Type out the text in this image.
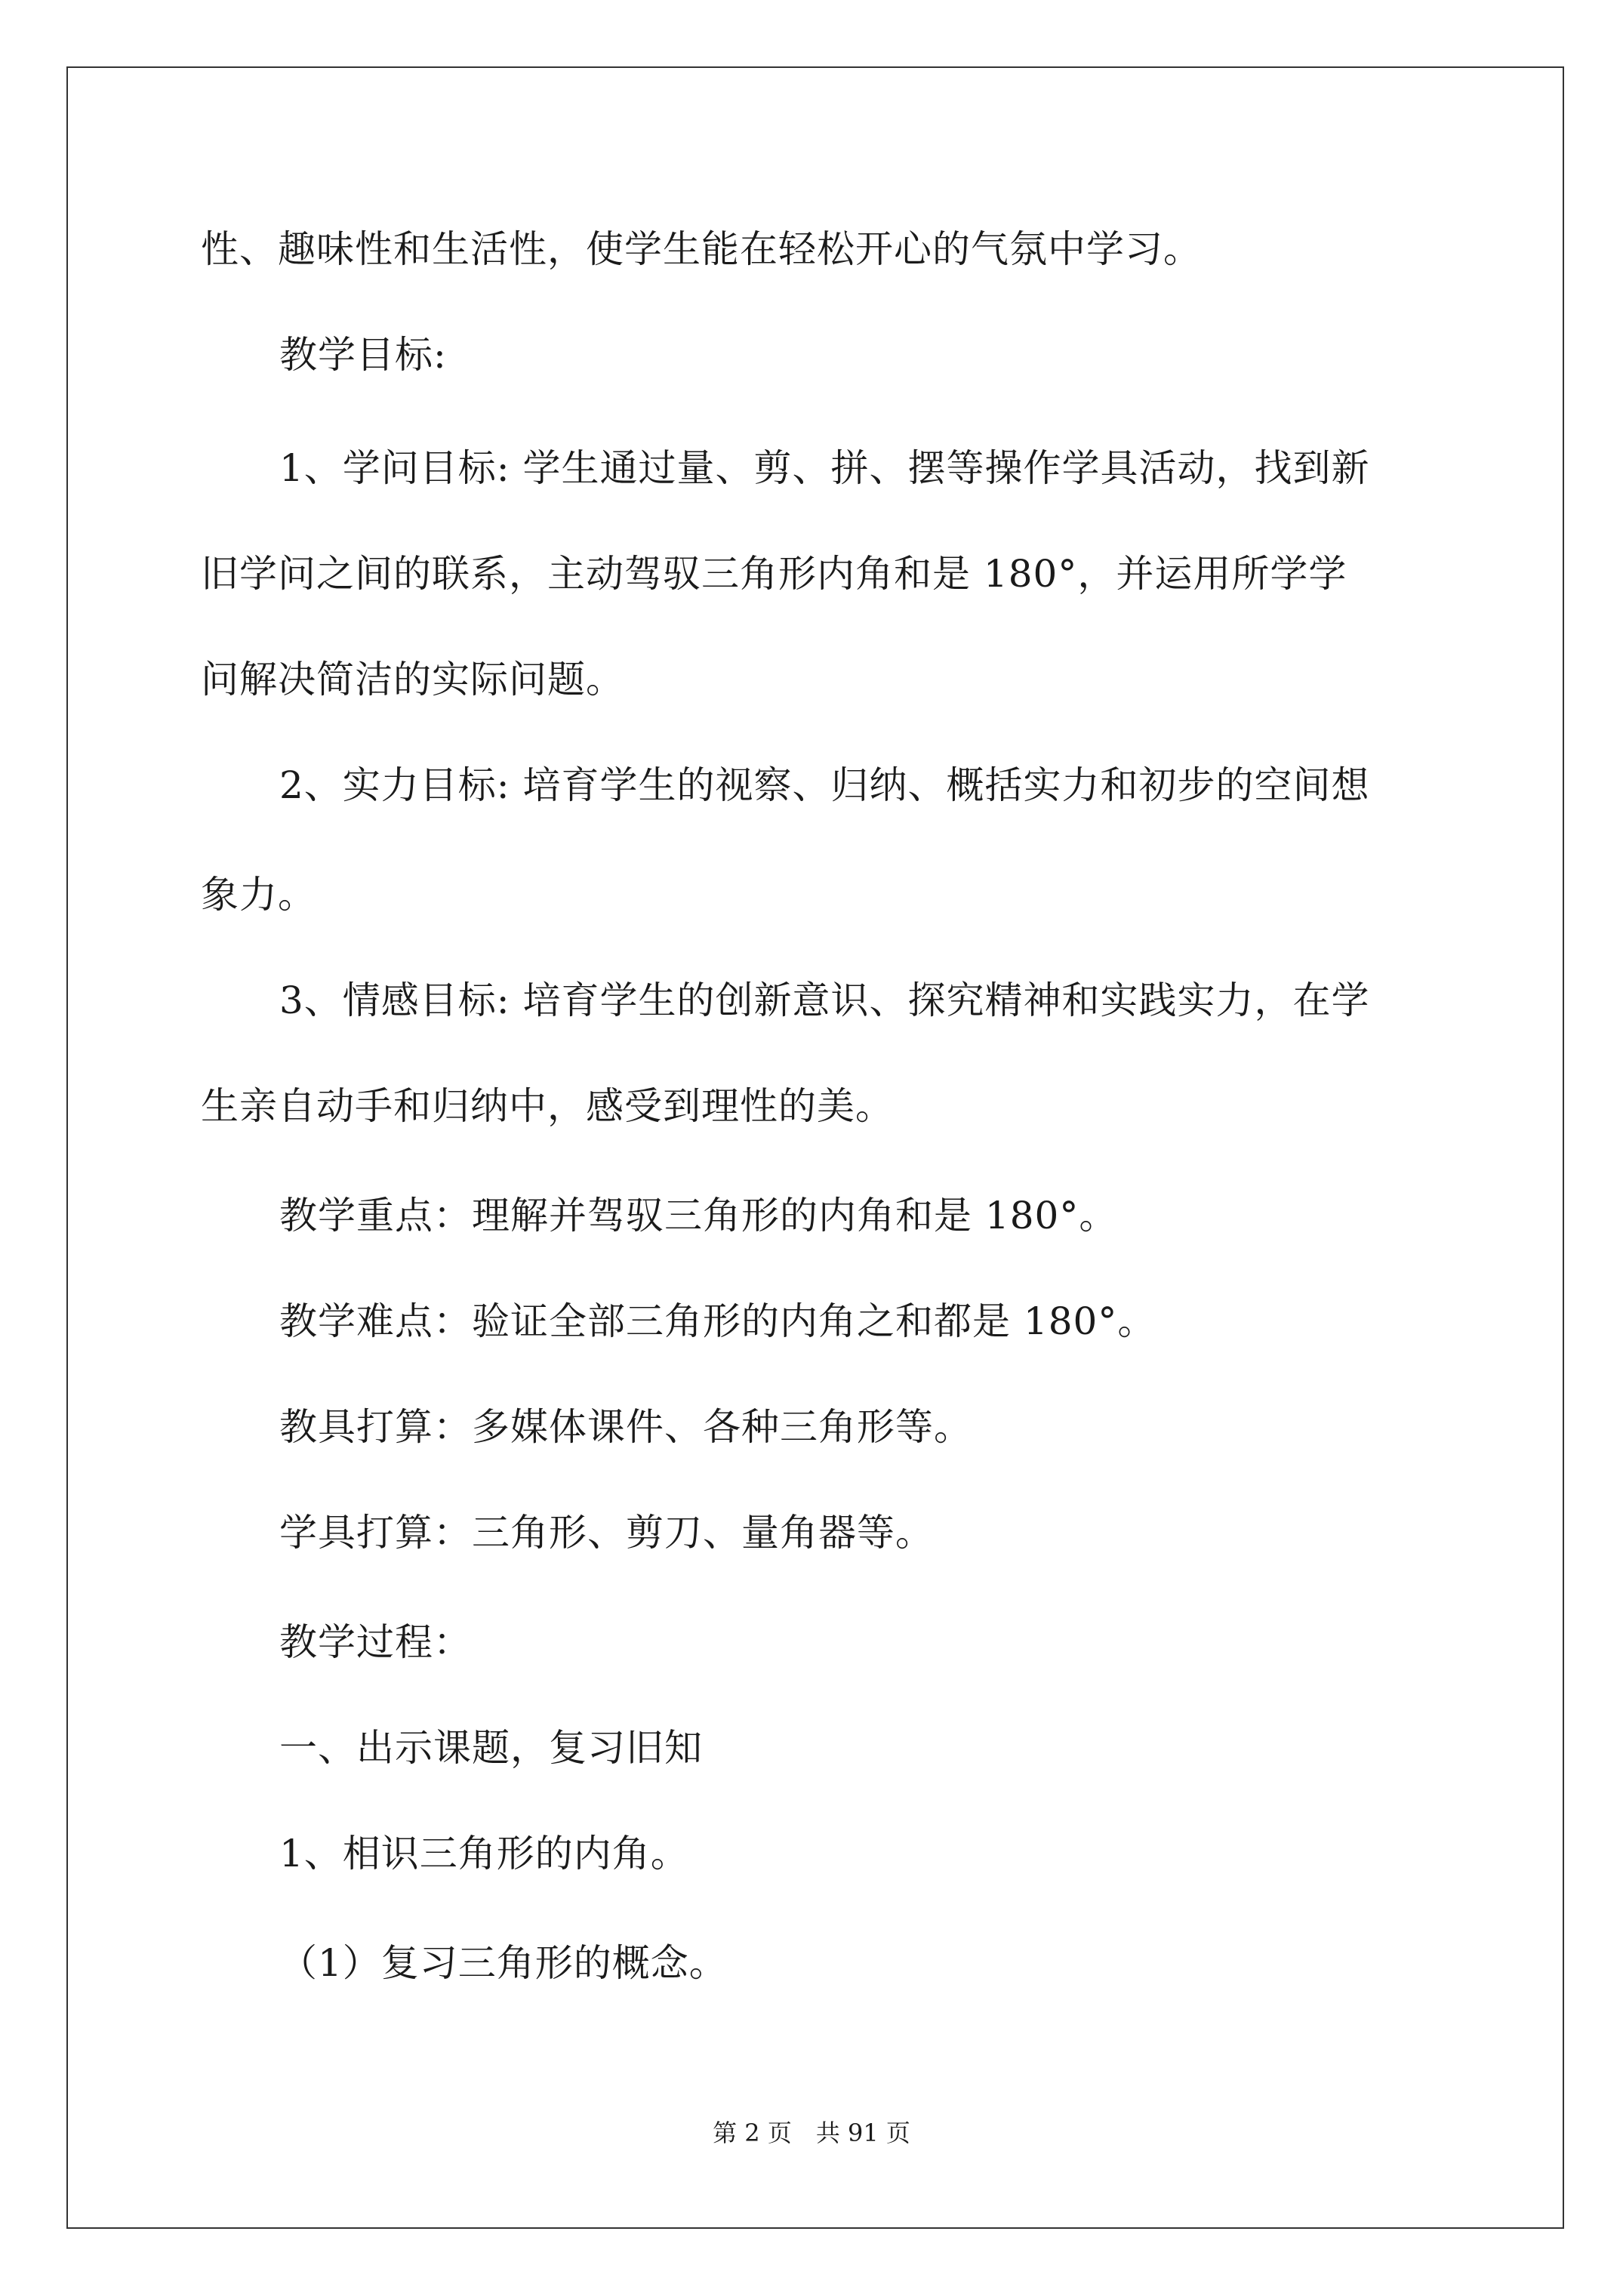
性、趣味性和生活性，使学生能在轻松开心的气氛中学习。

教学目标:

1、学问目标: 学生通过量、剪、拼、摆等操作学具活动，找到新

旧学问之间的联系，主动驾驭三角形内角和是 180°，并运用所学学

问解决简洁的实际问题。

2、实力目标: 培育学生的视察、归纳、概括实力和初步的空间想

象力。

3、情感目标: 培育学生的创新意识、探究精神和实践实力，在学

生亲自动手和归纳中，感受到理性的美。

教学重点：理解并驾驭三角形的内角和是 180°。

教学难点：验证全部三角形的内角之和都是 180°。

教具打算：多媒体课件、各种三角形等。

学具打算：三角形、剪刀、量角器等。

教学过程：

一、出示课题，复习旧知

1、相识三角形的内角。

（1）复习三角形的概念。

第 2 页　共 91 页
